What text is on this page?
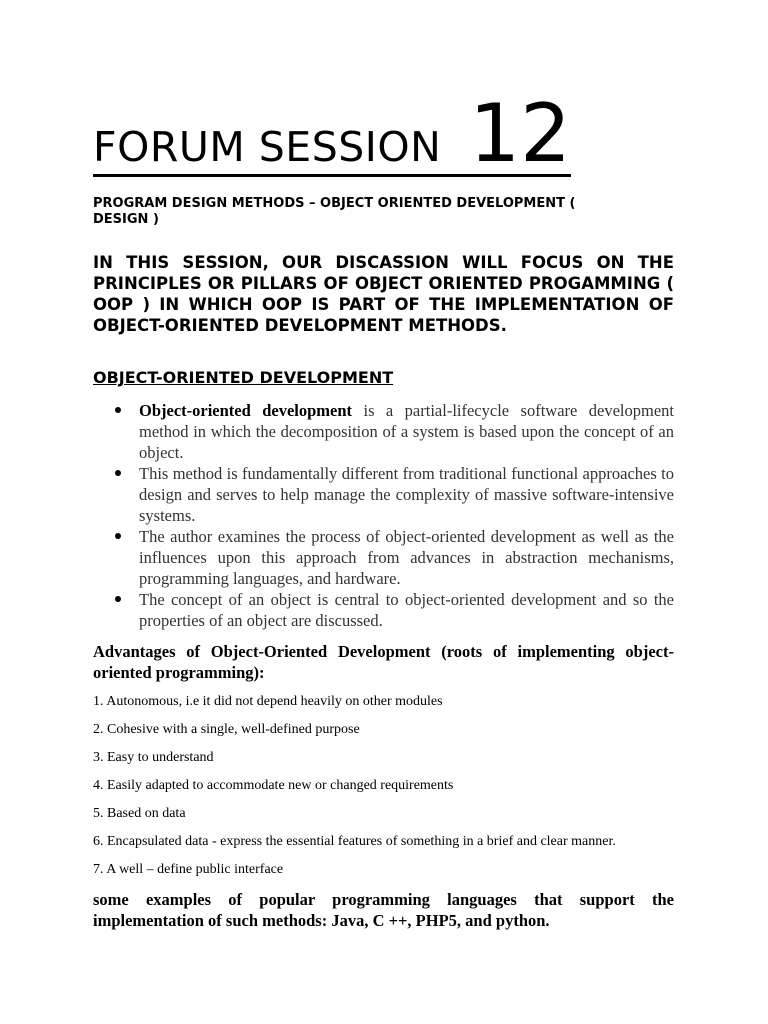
FORUM SESSION 12
PROGRAM DESIGN METHODS – OBJECT ORIENTED DEVELOPMENT ( DESIGN )
IN THIS SESSION, OUR DISCASSION WILL FOCUS ON THE PRINCIPLES OR PILLARS OF OBJECT ORIENTED PROGAMMING ( OOP ) IN WHICH OOP IS PART OF THE IMPLEMENTATION OF OBJECT-ORIENTED DEVELOPMENT METHODS.
OBJECT-ORIENTED DEVELOPMENT
Object-oriented development is a partial-lifecycle software development method in which the decomposition of a system is based upon the concept of an object.
This method is fundamentally different from traditional functional approaches to design and serves to help manage the complexity of massive software-intensive systems.
The author examines the process of object-oriented development as well as the influences upon this approach from advances in abstraction mechanisms, programming languages, and hardware.
The concept of an object is central to object-oriented development and so the properties of an object are discussed.
Advantages of Object-Oriented Development (roots of implementing object-oriented programming):
1. Autonomous, i.e it did not depend heavily on other modules
2. Cohesive with a single, well-defined purpose
3. Easy to understand
4. Easily adapted to accommodate new or changed requirements
5. Based on data
6. Encapsulated data - express the essential features of something in a brief and clear manner.
7. A well – define public interface
some examples of popular programming languages that support the implementation of such methods: Java, C ++, PHP5, and python.
